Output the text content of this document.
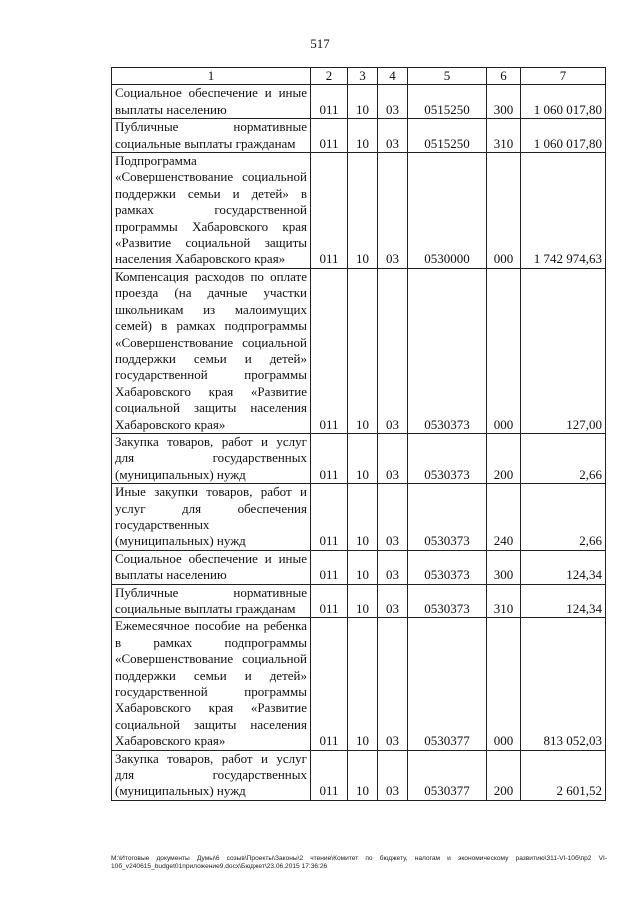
517
1	2	3	4	5	6	7
Социальное обеспечение и иные выплаты населению	011	10	03	0515250	300	1 060 017,80
Публичные нормативные социальные выплаты гражданам	011	10	03	0515250	310	1 060 017,80
Подпрограмма «Совершенствование социальной поддержки семьи и детей» в рамках государственной программы Хабаровского края «Развитие социальной защиты населения Хабаровского края»	011	10	03	0530000	000	1 742 974,63
Компенсация расходов по оплате проезда (на дачные участки школьникам из малоимущих семей) в рамках подпрограммы «Совершенствование социальной поддержки семьи и детей» государственной программы Хабаровского края «Развитие социальной защиты населения Хабаровского края»	011	10	03	0530373	000	127,00
Закупка товаров, работ и услуг для государственных (муниципальных) нужд	011	10	03	0530373	200	2,66
Иные закупки товаров, работ и услуг для обеспечения государственных (муниципальных) нужд	011	10	03	0530373	240	2,66
Социальное обеспечение и иные выплаты населению	011	10	03	0530373	300	124,34
Публичные нормативные социальные выплаты гражданам	011	10	03	0530373	310	124,34
Ежемесячное пособие на ребенка в рамках подпрограммы «Совершенствование социальной поддержки семьи и детей» государственной программы Хабаровского края «Развитие социальной защиты населения Хабаровского края»	011	10	03	0530377	000	813 052,03
Закупка товаров, работ и услуг для государственных (муниципальных) нужд	011	10	03	0530377	200	2 601,52
M:\Итоговые документы Думы\6 созыв\Проекты\Законы\2 чтение\Комитет по бюджету, налогам и экономическому развитию\311-VI-10б\пр2 VI-10б_v240615_budget01приложение9.docx\Бюджет\23.06.2015 17:36:26
